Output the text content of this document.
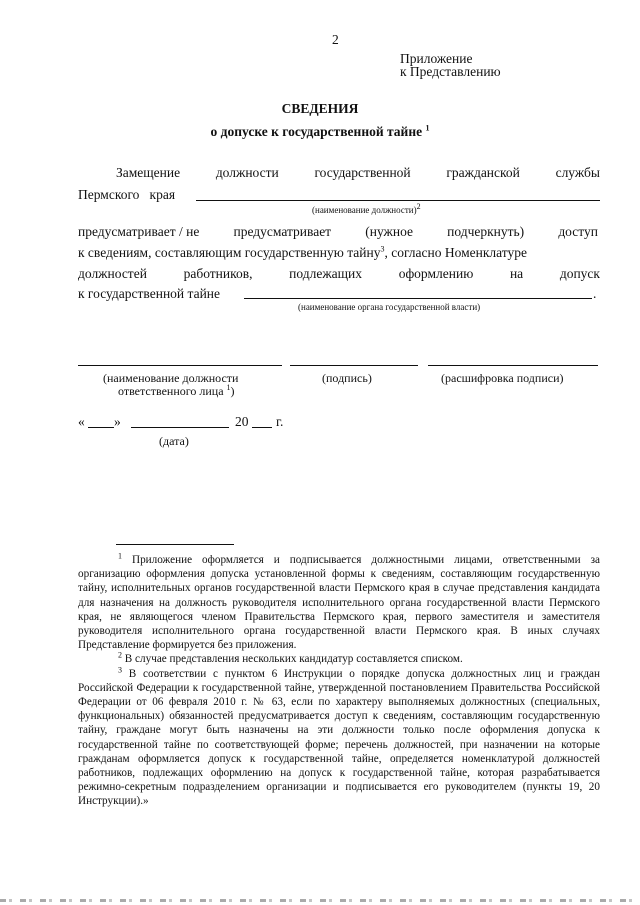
2
Приложение
к Представлению
СВЕДЕНИЯ
о допуске к государственной тайне $^1$
Замещение	должности	государственной	гражданской	службы
Пермского   края
(наименование должности)$^2$
предусматривает / не	предусматривает	(нужное	подчеркнуть)	доступ
к сведениям, составляющим государственную тайну$^3$, согласно Номенклатуре
должностей	работников,	подлежащих	оформлению	на	допуск
к государственной тайне	.
(наименование органа государственной власти)
(наименование должности
ответственного лица $^1$)
(подпись)	(расшифровка подписи)
« »	20 г.
(дата)

$^1$ Приложение оформляется и подписывается должностными лицами, ответственными за организацию оформления допуска установленной формы к сведениям, составляющим государственную тайну, исполнительных органов государственной власти Пермского края в случае представления кандидата для назначения на должность руководителя исполнительного органа государственной власти Пермского края, не являющегося членом Правительства Пермского края, первого заместителя и заместителя руководителя исполнительного органа государственной власти Пермского края. В иных случаях Представление формируется без приложения.

$^2$ В случае представления нескольких кандидатур составляется списком.

$^3$ В соответствии с пунктом 6 Инструкции о порядке допуска должностных лиц и граждан Российской Федерации к государственной тайне, утвержденной постановлением Правительства Российской Федерации от 06 февраля 2010 г. № 63, если по характеру выполняемых должностных (специальных, функциональных) обязанностей предусматривается доступ к сведениям, составляющим государственную тайну, граждане могут быть назначены на эти должности только после оформления допуска к государственной тайне по соответствующей форме; перечень должностей, при назначении на которые гражданам оформляется допуск к государственной тайне, определяется номенклатурой должностей работников, подлежащих оформлению на допуск к государственной тайне, которая разрабатывается режимно-секретным подразделением организации и подписывается его руководителем (пункты 19, 20 Инструкции).»
